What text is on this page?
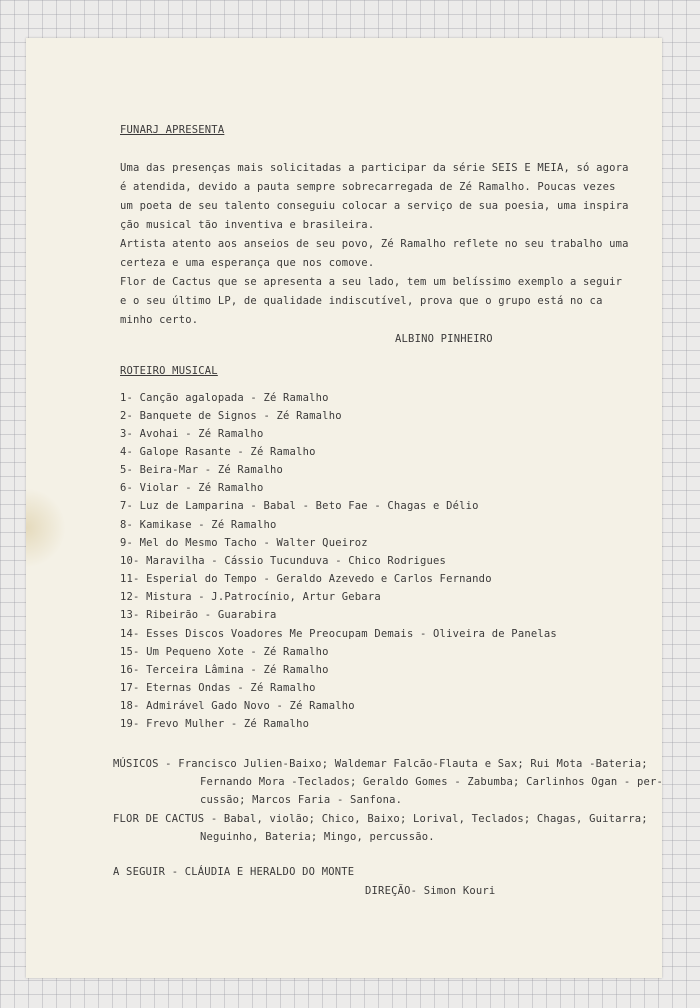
FUNARJ APRESENTA
Uma das presenças mais solicitadas a participar da série SEIS E MEIA, só agora
é atendida, devido a pauta sempre sobrecarregada de Zé Ramalho. Poucas vezes
um poeta de seu talento conseguiu colocar a serviço de sua poesia, uma inspira
ção musical tão inventiva e brasileira.
Artista atento aos anseios de seu povo, Zé Ramalho reflete no seu trabalho uma
certeza e uma esperança que nos comove.
Flor de Cactus que se apresenta a seu lado, tem um belíssimo exemplo a seguir
e o seu último LP, de qualidade indiscutível, prova que o grupo está no ca
minho certo.
ALBINO PINHEIRO
ROTEIRO MUSICAL
1- Canção agalopada - Zé Ramalho
2- Banquete de Signos - Zé Ramalho
3- Avohai - Zé Ramalho
4- Galope Rasante - Zé Ramalho
5- Beira-Mar - Zé Ramalho
6- Violar - Zé Ramalho
7- Luz de Lamparina - Babal - Beto Fae - Chagas e Délio
8- Kamikase - Zé Ramalho
9- Mel do Mesmo Tacho - Walter Queiroz
10- Maravilha - Cássio Tucunduva - Chico Rodrigues
11- Esperial do Tempo - Geraldo Azevedo e Carlos Fernando
12- Mistura - J.Patrocínio, Artur Gebara
13- Ribeirão - Guarabira
14- Esses Discos Voadores Me Preocupam Demais - Oliveira de Panelas
15- Um Pequeno Xote - Zé Ramalho
16- Terceira Lâmina - Zé Ramalho
17- Eternas Ondas - Zé Ramalho
18- Admirável Gado Novo - Zé Ramalho
19- Frevo Mulher - Zé Ramalho
MÚSICOS - Francisco Julien-Baixo; Waldemar Falcão-Flauta e Sax; Rui Mota -Bateria;
Fernando Mora -Teclados; Geraldo Gomes - Zabumba; Carlinhos Ogan - per-
cussão; Marcos Faria - Sanfona.
FLOR DE CACTUS - Babal, violão; Chico, Baixo; Lorival, Teclados; Chagas, Guitarra;
Neguinho, Bateria; Mingo, percussão.
A SEGUIR - CLÁUDIA E HERALDO DO MONTE
DIREÇÃO- Simon Kouri
